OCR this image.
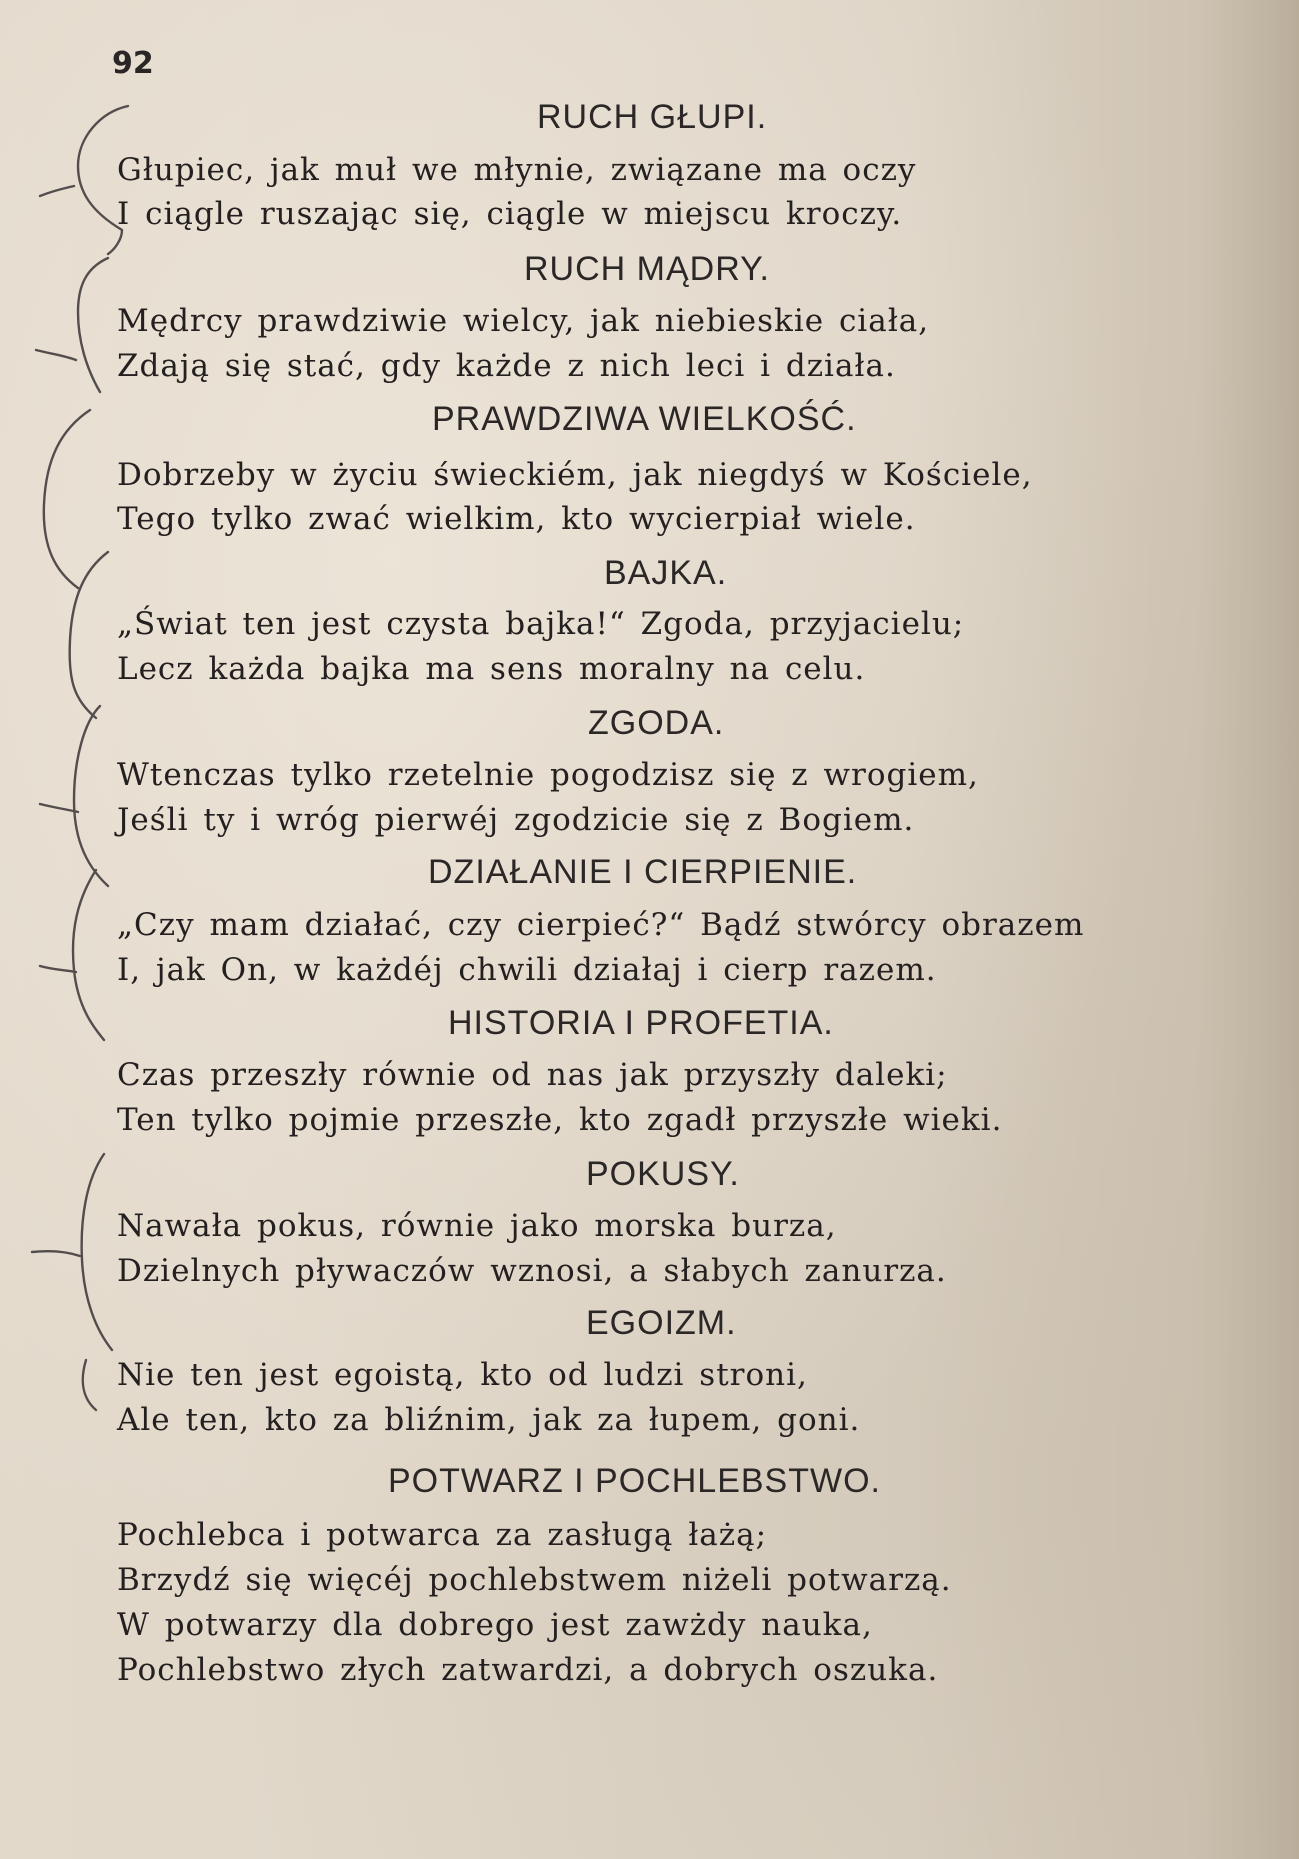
92
RUCH GŁUPI.
Głupiec, jak muł we młynie, związane ma oczy
I ciągle ruszając się, ciągle w miejscu kroczy.
RUCH MĄDRY.
Mędrcy prawdziwie wielcy, jak niebieskie ciała,
Zdają się stać, gdy każde z nich leci i działa.
PRAWDZIWA WIELKOŚĆ.
Dobrzeby w życiu świeckiém, jak niegdyś w Kościele,
Tego tylko zwać wielkim, kto wycierpiał wiele.
BAJKA.
„Świat ten jest czysta bajka!“ Zgoda, przyjacielu;
Lecz każda bajka ma sens moralny na celu.
ZGODA.
Wtenczas tylko rzetelnie pogodzisz się z wrogiem,
Jeśli ty i wróg pierwéj zgodzicie się z Bogiem.
DZIAŁANIE I CIERPIENIE.
„Czy mam działać, czy cierpieć?“ Bądź stwórcy obrazem
I, jak On, w każdéj chwili działaj i cierp razem.
HISTORIA I PROFETIA.
Czas przeszły równie od nas jak przyszły daleki;
Ten tylko pojmie przeszłe, kto zgadł przyszłe wieki.
POKUSY.
Nawała pokus, równie jako morska burza,
Dzielnych pływaczów wznosi, a słabych zanurza.
EGOIZM.
Nie ten jest egoistą, kto od ludzi stroni,
Ale ten, kto za bliźnim, jak za łupem, goni.
POTWARZ I POCHLEBSTWO.
Pochlebca i potwarca za zasługą łażą;
Brzydź się więcéj pochlebstwem niżeli potwarzą.
W potwarzy dla dobrego jest zawżdy nauka,
Pochlebstwo złych zatwardzi, a dobrych oszuka.
